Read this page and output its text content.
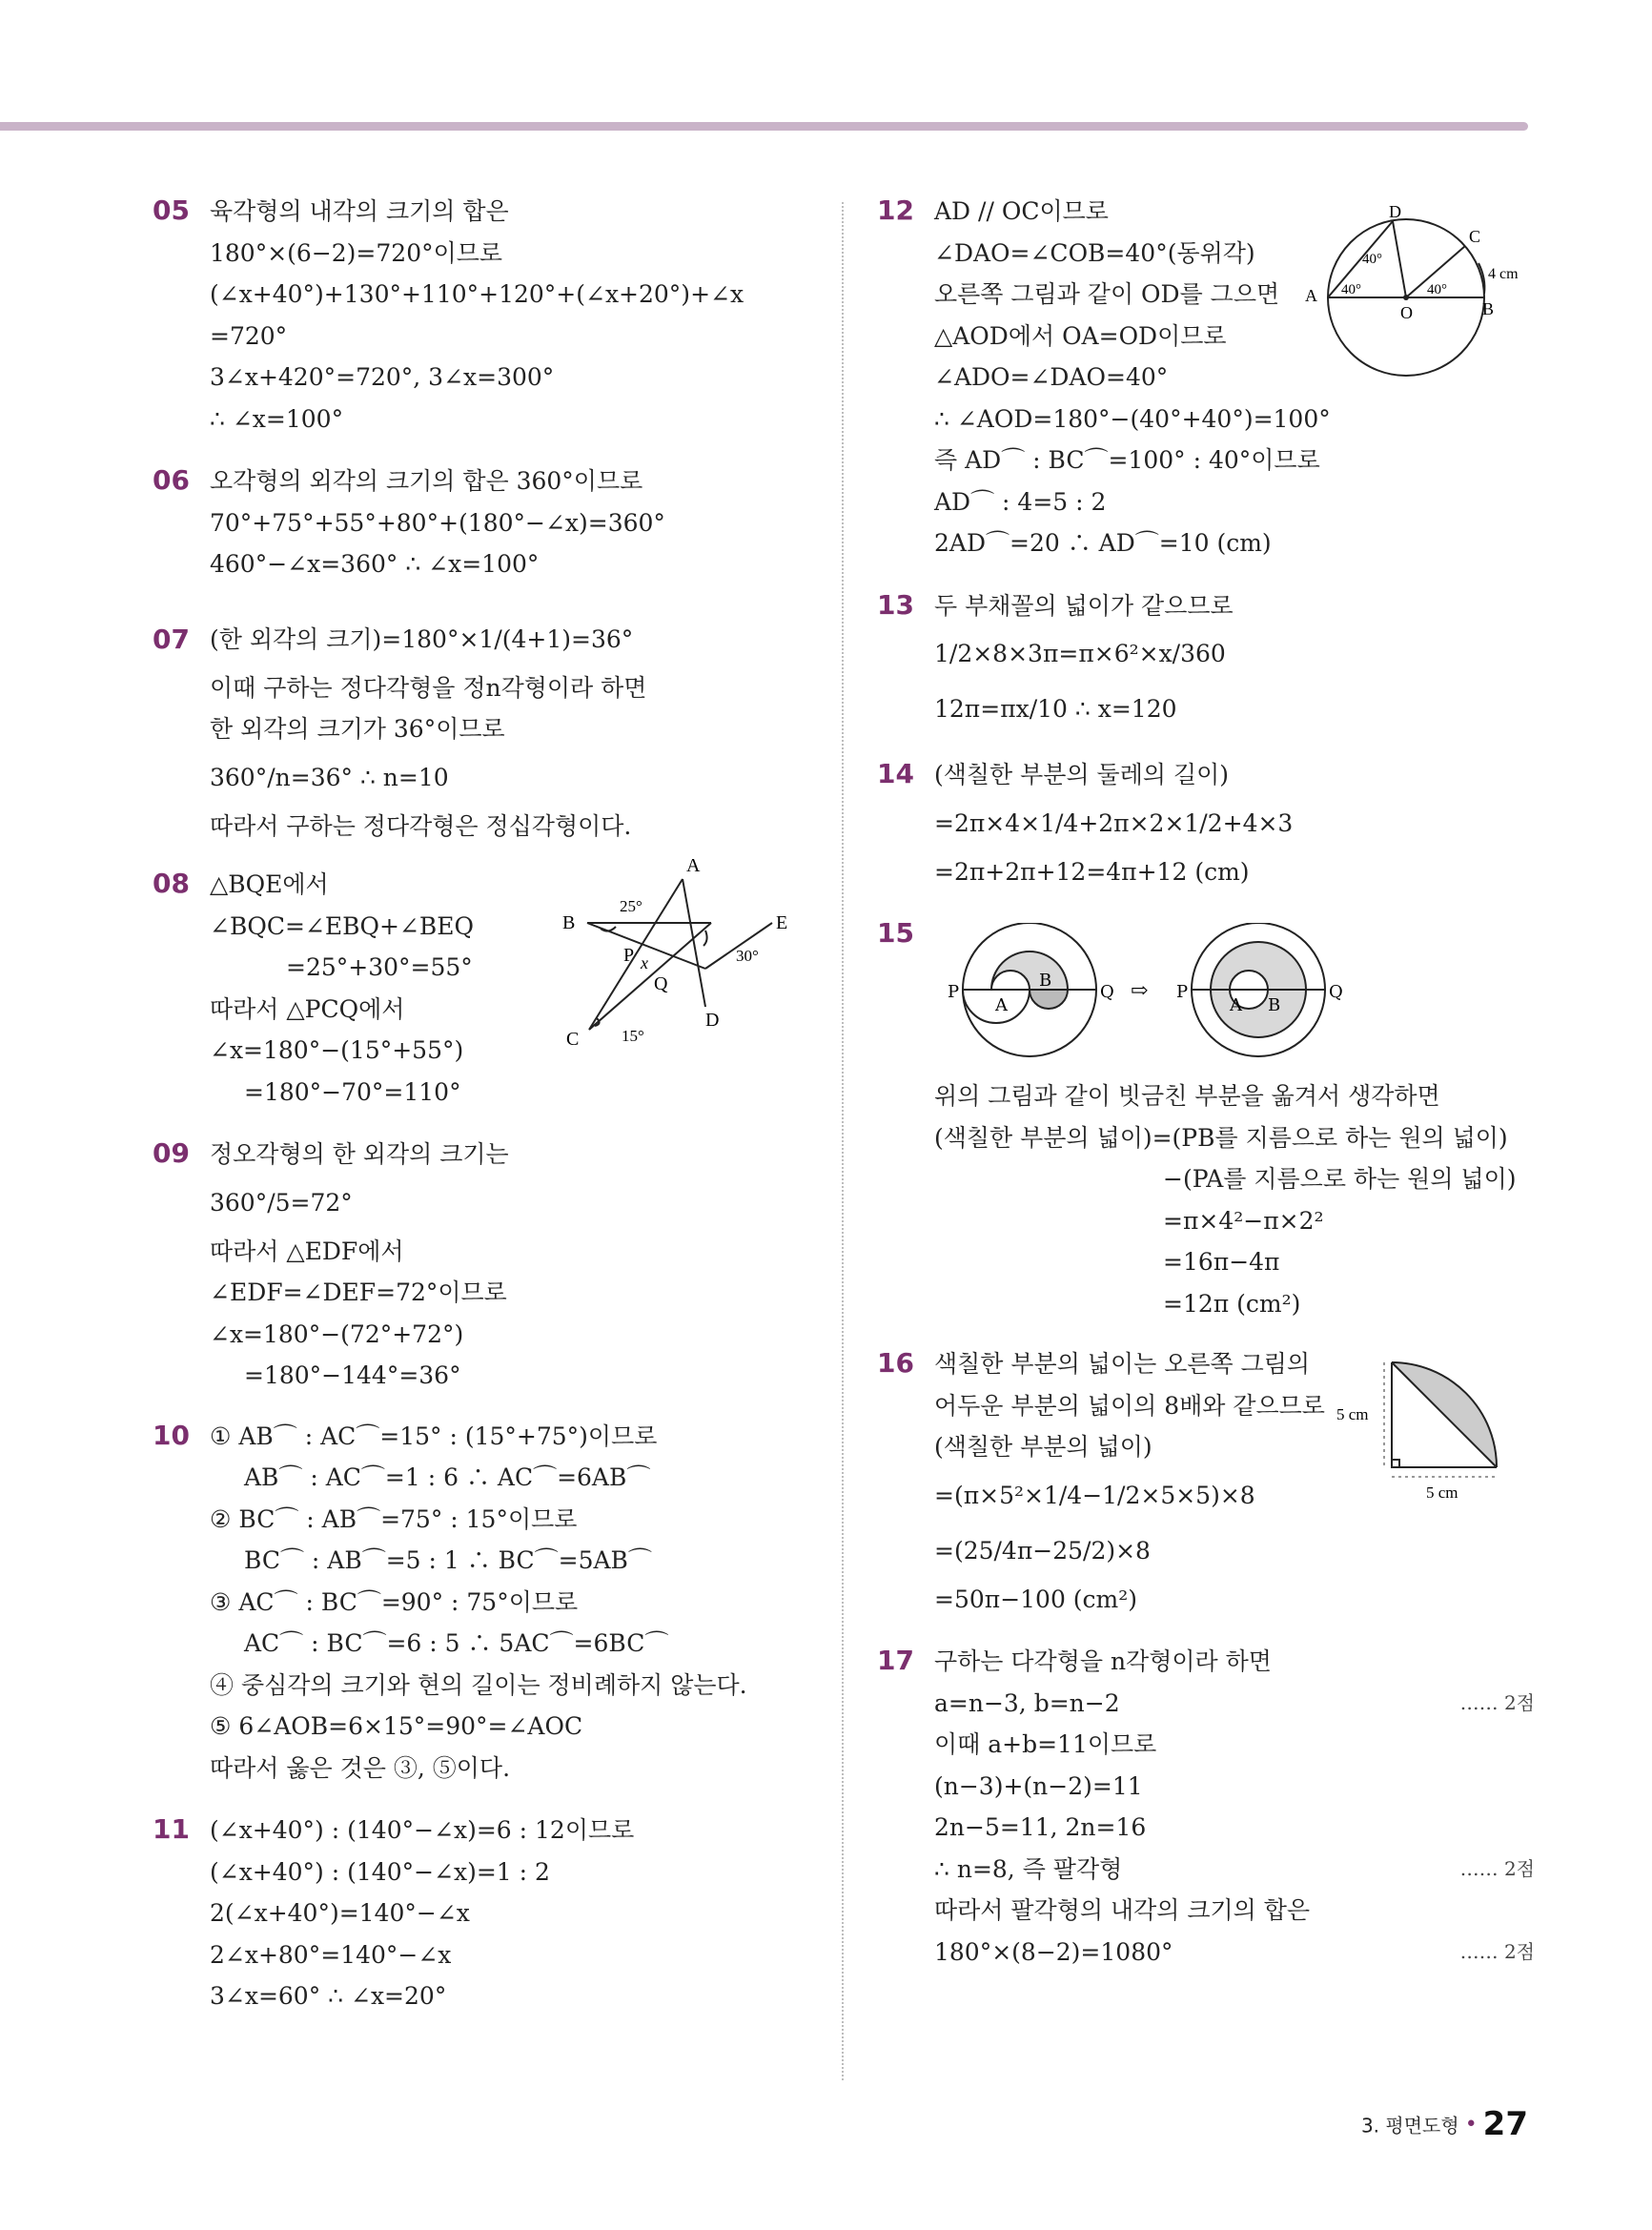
05 육각형의 내각의 크기의 합은
180°×(6−2)=720°이므로
(∠x+40°)+130°+110°+120°+(∠x+20°)+∠x
=720°
3∠x+420°=720°, 3∠x=300°
∴ ∠x=100°
06 오각형의 외각의 크기의 합은 360°이므로
70°+75°+55°+80°+(180°−∠x)=360°
460°−∠x=360° ∴ ∠x=100°
07 (한 외각의 크기)=180°×1/(4+1)=36°
이때 구하는 정다각형을 정n각형이라 하면
한 외각의 크기가 36°이므로
360°/n=36° ∴ n=10
따라서 구하는 정다각형은 정십각형이다.
08 △BQE에서
∠BQC=∠EBQ+∠BEQ
=25°+30°=55°
따라서 △PCQ에서
∠x=180°−(15°+55°)
=180°−70°=110°
A
B	E
C
D
P
Q
x
25°
30°
15°
09 정오각형의 한 외각의 크기는
360°/5=72°
따라서 △EDF에서
∠EDF=∠DEF=72°이므로
∠x=180°−(72°+72°)
=180°−144°=36°
10 ① AB⌒ : AC⌒=15° : (15°+75°)이므로
AB⌒ : AC⌒=1 : 6 ∴ AC⌒=6AB⌒
② BC⌒ : AB⌒=75° : 15°이므로
BC⌒ : AB⌒=5 : 1 ∴ BC⌒=5AB⌒
③ AC⌒ : BC⌒=90° : 75°이므로
AC⌒ : BC⌒=6 : 5 ∴ 5AC⌒=6BC⌒
④ 중심각의 크기와 현의 길이는 정비례하지 않는다.
⑤ 6∠AOB=6×15°=90°=∠AOC
따라서 옳은 것은 ③, ⑤이다.
11 (∠x+40°) : (140°−∠x)=6 : 12이므로
(∠x+40°) : (140°−∠x)=1 : 2
2(∠x+40°)=140°−∠x
2∠x+80°=140°−∠x
3∠x=60° ∴ ∠x=20°
12 AD // OC이므로
∠DAO=∠COB=40°(동위각)
오른쪽 그림과 같이 OD를 그으면
△AOD에서 OA=OD이므로
∠ADO=∠DAO=40°
∴ ∠AOD=180°−(40°+40°)=100°
즉 AD⌒ : BC⌒=100° : 40°이므로
AD⌒ : 4=5 : 2
2AD⌒=20 ∴ AD⌒=10 (cm)
D
C
A
O	B
40°
40°	40°
4 cm
13 두 부채꼴의 넓이가 같으므로
1/2×8×3π=π×6²×x/360
12π=πx/10 ∴ x=120
14 (색칠한 부분의 둘레의 길이)
=2π×4×1/4+2π×2×1/2+4×3
=2π+2π+12=4π+12 (cm)
15
P
A
B
Q	P
A B
Q
⇨
위의 그림과 같이 빗금친 부분을 옮겨서 생각하면
(색칠한 부분의 넓이)=(PB를 지름으로 하는 원의 넓이)
−(PA를 지름으로 하는 원의 넓이)
=π×4²−π×2²
=16π−4π
=12π (cm²)
16 색칠한 부분의 넓이는 오른쪽 그림의
어두운 부분의 넓이의 8배와 같으므로
(색칠한 부분의 넓이)
=(π×5²×1/4−1/2×5×5)×8
=(25/4π−25/2)×8
=50π−100 (cm²)
5 cm
5 cm
17 구하는 다각형을 n각형이라 하면
a=n−3, b=n−2	…… 2점
이때 a+b=11이므로
(n−3)+(n−2)=11
2n−5=11, 2n=16
∴ n=8, 즉 팔각형	…… 2점
따라서 팔각형의 내각의 크기의 합은
180°×(8−2)=1080°	…… 2점
3. 평면도형 • 27
